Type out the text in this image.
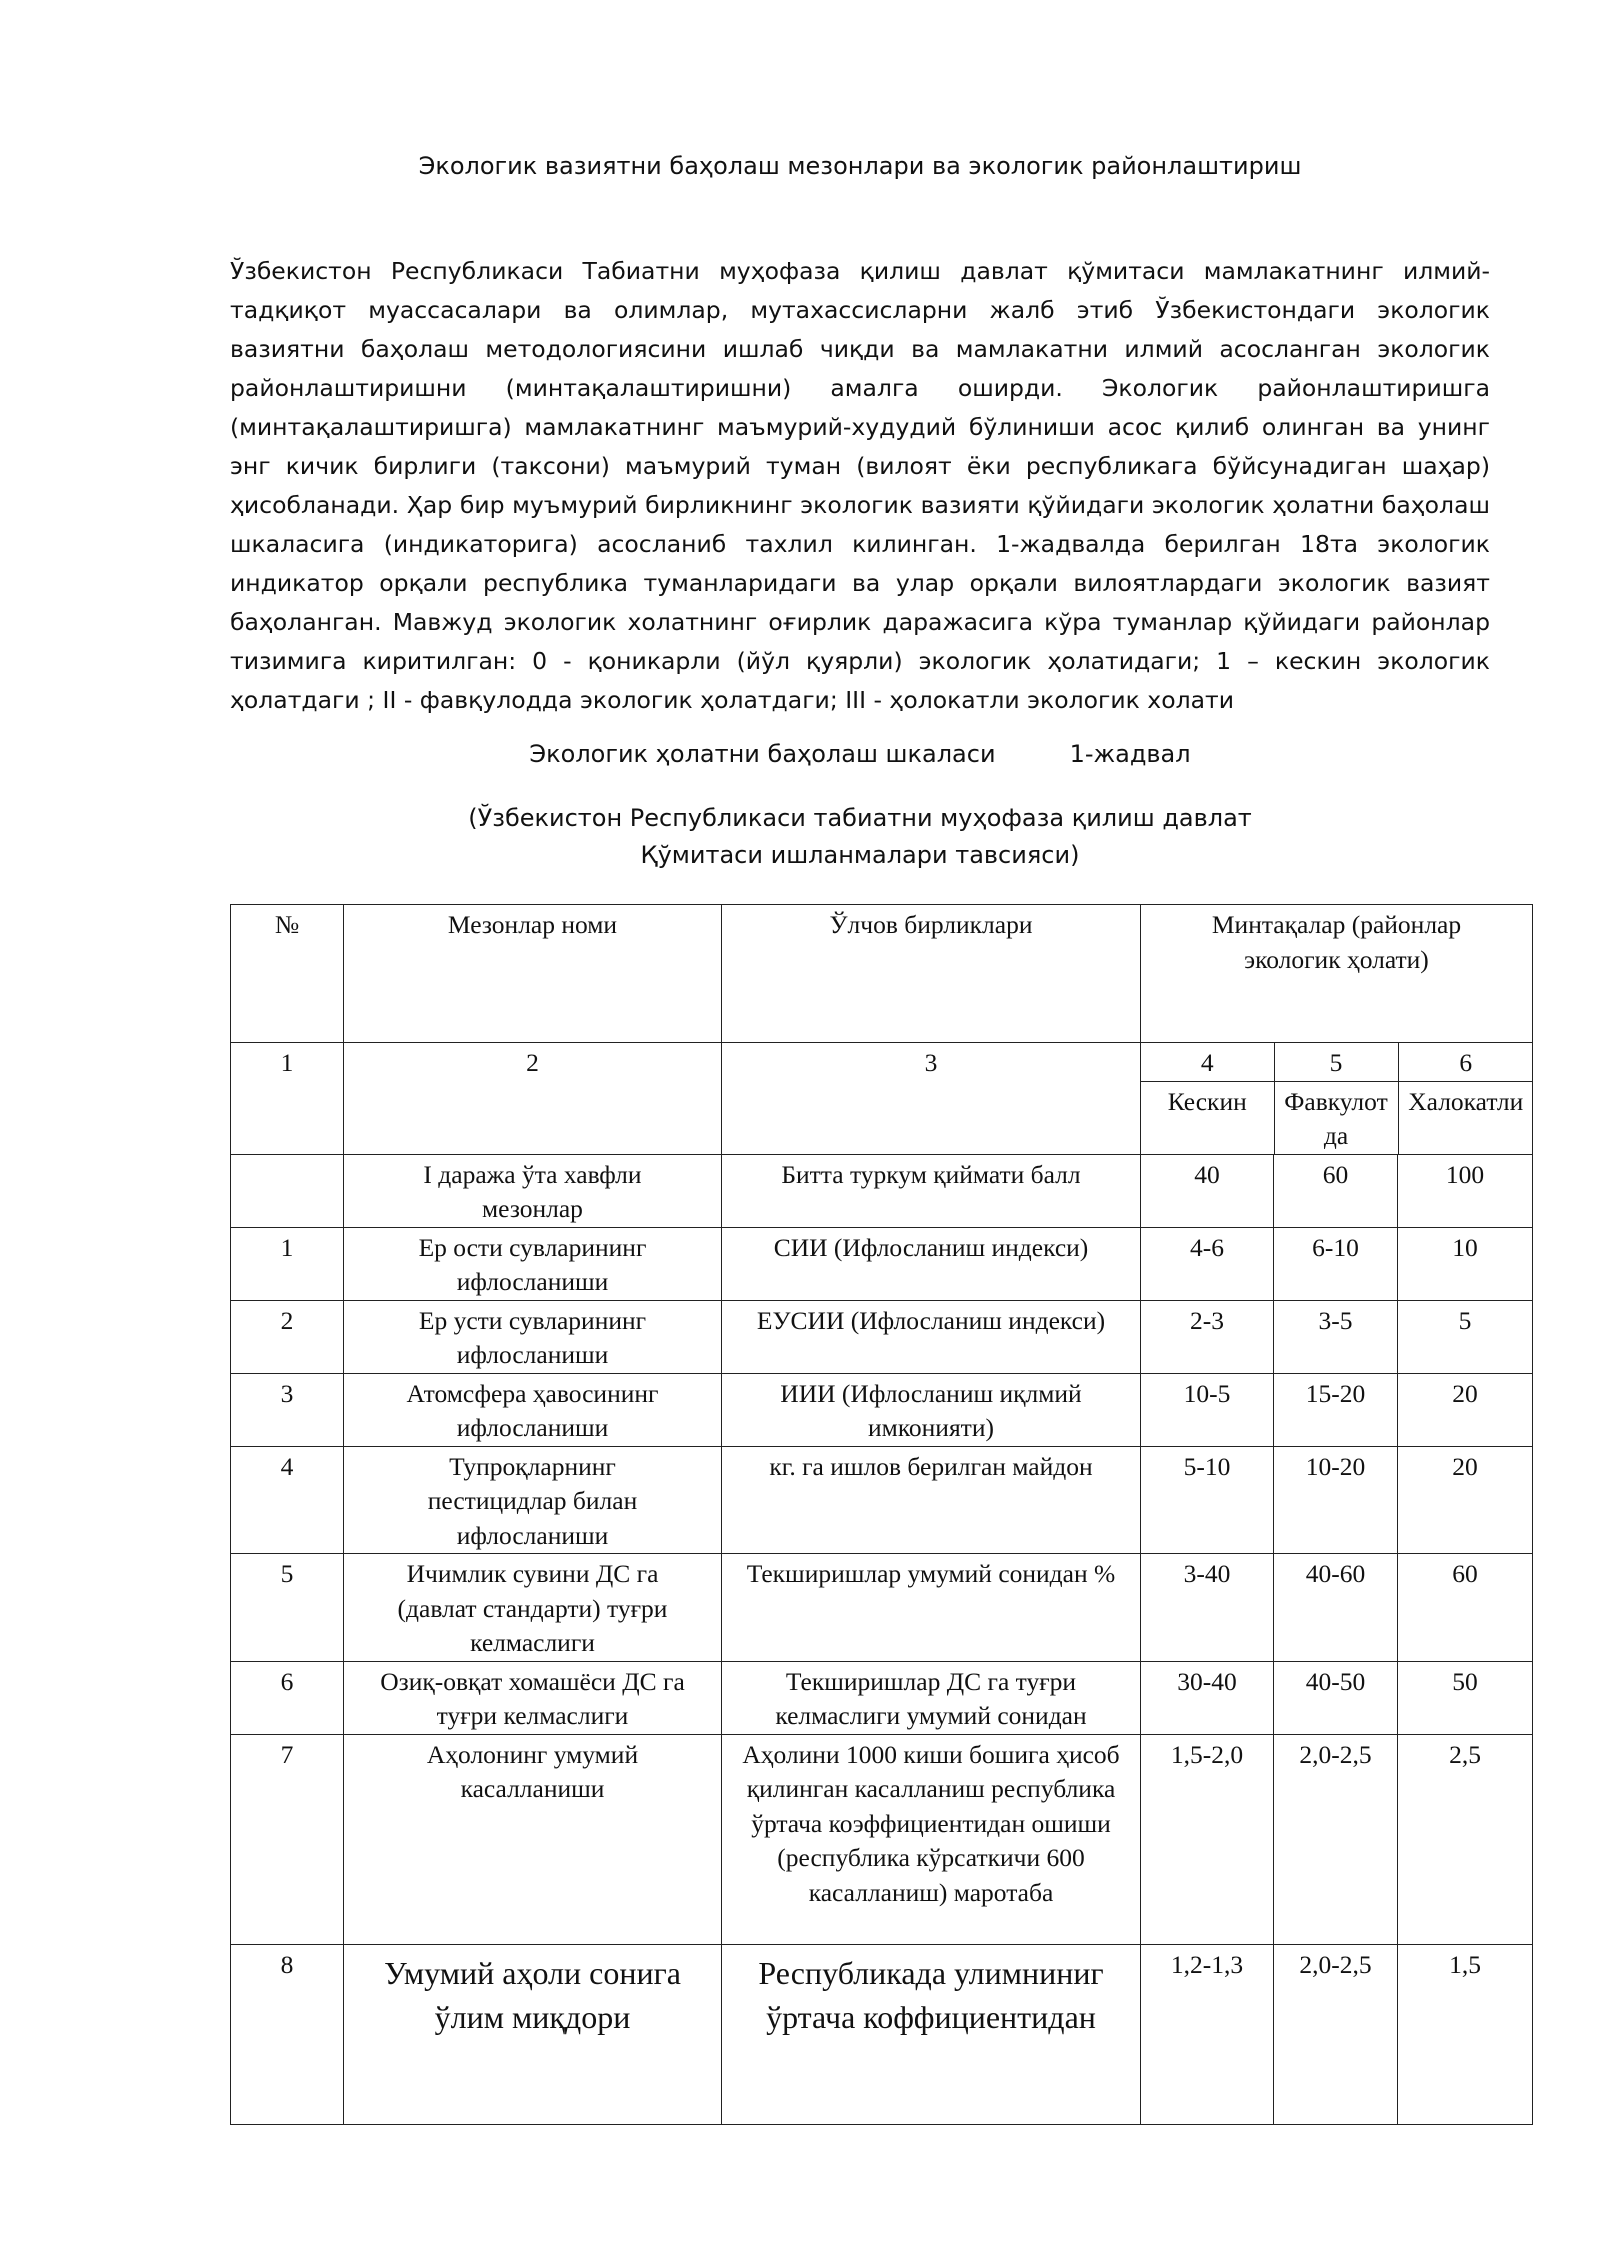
Экологик вазиятни баҳолаш мезонлари ва экологик районлаштириш

Ўзбекистон Республикаси Табиатни муҳофаза қилиш давлат қўмитаси мамлакатнинг илмий-тадқиқот муассасалари ва олимлар, мутахассисларни жалб этиб Ўзбекистондаги экологик вазиятни баҳолаш методологиясини ишлаб чиқди ва мамлакатни илмий асосланган экологик районлаштиришни (минтақалаштиришни) амалга оширди. Экологик районлаштиришга (минтақалаштиришга) мамлакатнинг маъмурий-худудий бўлиниши асос қилиб олинган ва унинг энг кичик бирлиги (таксони) маъмурий туман (вилоят ёки республикага бўйсунадиган шаҳар) ҳисобланади. Ҳар бир муъмурий бирликнинг экологик вазияти қўйидаги экологик ҳолатни баҳолаш шкаласига (индикаторига) асосланиб тахлил килинган. 1-жадвалда берилган 18та экологик индикатор орқали республика туманларидаги ва улар орқали вилоятлардаги экологик вазият баҳоланган. Мавжуд экологик холатнинг оғирлик даражасига кўра туманлар қўйидаги районлар тизимига киритилган: 0 - қоникарли (йўл қуярли) экологик ҳолатидаги; 1 – кескин экологик ҳолатдаги ; II - фавқулодда экологик ҳолатдаги; III - ҳолокатли экологик холати

Экологик ҳолатни баҳолаш шкаласи	1-жадвал
(Ўзбекистон Республикаси табиатни муҳофаза қилиш давлат
Қўмитаси ишланмалари тавсияси)
№	Мезонлар номи	Ўлчов бирликлари	Минтақалар (районлар экологик ҳолати)
1	2	3		4	5	6
Кескин	Фавкулотда	Халокатли

	I даража ўта хавфли мезонлар	Битта туркум қиймати балл	40	60	100
1	Ер ости сувларининг ифлосланиши	СИИ (Ифлосланиш индекси)	4-6	6-10	10
2	Ер усти сувларининг ифлосланиши	ЕУСИИ (Ифлосланиш индекси)	2-3	3-5	5
3	Атомсфера ҳавосининг ифлосланиши	ИИИ (Ифлосланиш иқлмий имконияти)	10-5	15-20	20
4	Тупроқларнинг пестицидлар билан ифлосланиши	кг. га ишлов берилган майдон	5-10	10-20	20
5	Ичимлик сувини ДС га (давлат стандарти) туғри келмаслиги	Текширишлар умумий сонидан %	3-40	40-60	60
6	Озиқ-овқат хомашёси ДС га туғри келмаслиги	Текширишлар ДС га туғри келмаслиги умумий сонидан	30-40	40-50	50
7	Аҳолонинг умумий касалланиши	Аҳолини 1000 киши бошига ҳисоб қилинган касалланиш республика ўртача коэффициентидан ошиши (республика кўрсаткичи 600 касалланиш) маротаба	1,5-2,0	2,0-2,5	2,5
8	Умумий аҳоли сонига ўлим миқдори	Республикада улимниниг ўртача коффициентидан	1,2-1,3	2,0-2,5	1,5
